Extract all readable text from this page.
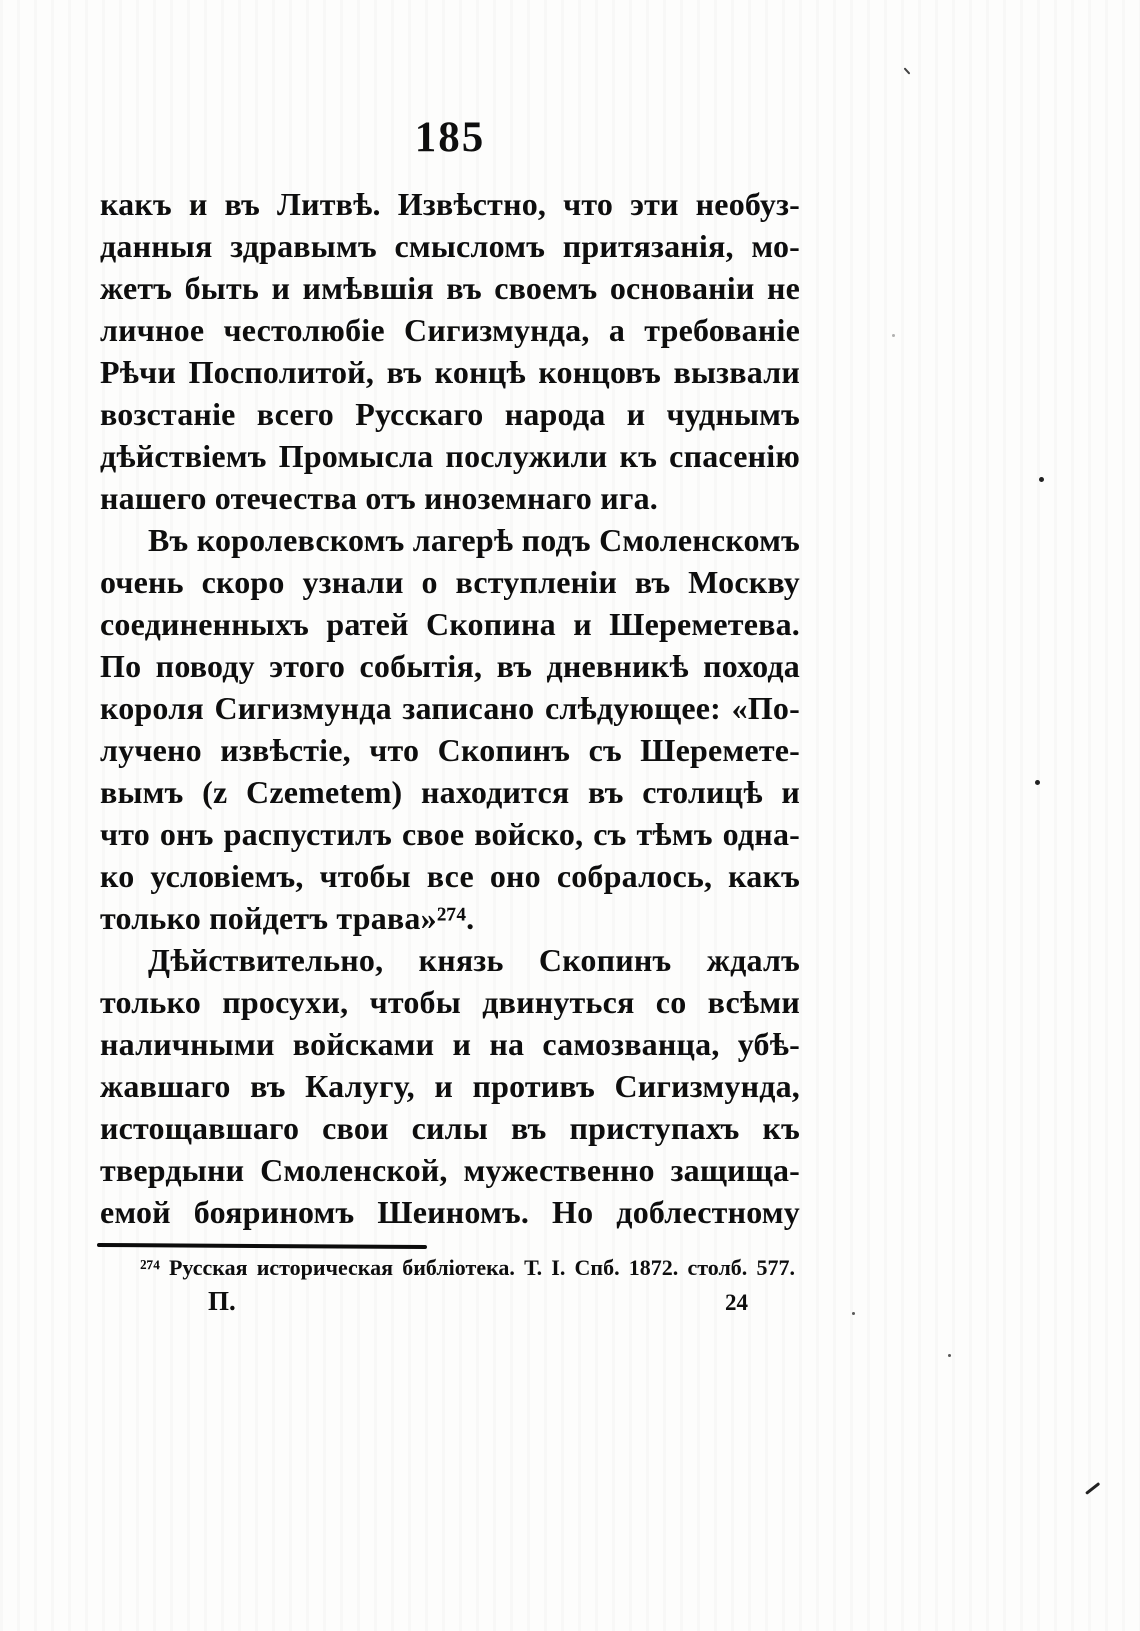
185
какъ и въ Литвѣ. Извѣстно, что эти необуз-
данныя здравымъ смысломъ притязанія, мо-
жетъ быть и имѣвшія въ своемъ основаніи не
личное честолюбіе Сигизмунда, а требованіе
Рѣчи Посполитой, въ концѣ концовъ вызвали
возстаніе всего Русскаго народа и чуднымъ
дѣйствіемъ Промысла послужили къ спасенію
нашего отечества отъ иноземнаго ига.
Въ королевскомъ лагерѣ подъ Смоленскомъ
очень скоро узнали о вступленіи въ Москву
соединенныхъ ратей Скопина и Шереметева.
По поводу этого событія, въ дневникѣ похода
короля Сигизмунда записано слѣдующее: «По-
лучено извѣстіе, что Скопинъ съ Шеремете-
вымъ (z Czemetem) находится въ столицѣ и
что онъ распустилъ свое войско, съ тѣмъ одна-
ко условіемъ, чтобы все оно собралось, какъ
только пойдетъ трава»²⁷⁴.
Дѣйствительно, князь Скопинъ ждалъ
только просухи, чтобы двинуться со всѣми
наличными войсками и на самозванца, убѣ-
жавшаго въ Калугу, и противъ Сигизмунда,
истощавшаго свои силы въ приступахъ къ
твердыни Смоленской, мужественно защища-
емой бояриномъ Шеиномъ. Но доблестному
²⁷⁴ Русская историческая библіотека. Т. I. Спб. 1872. столб. 577.
П.	24
